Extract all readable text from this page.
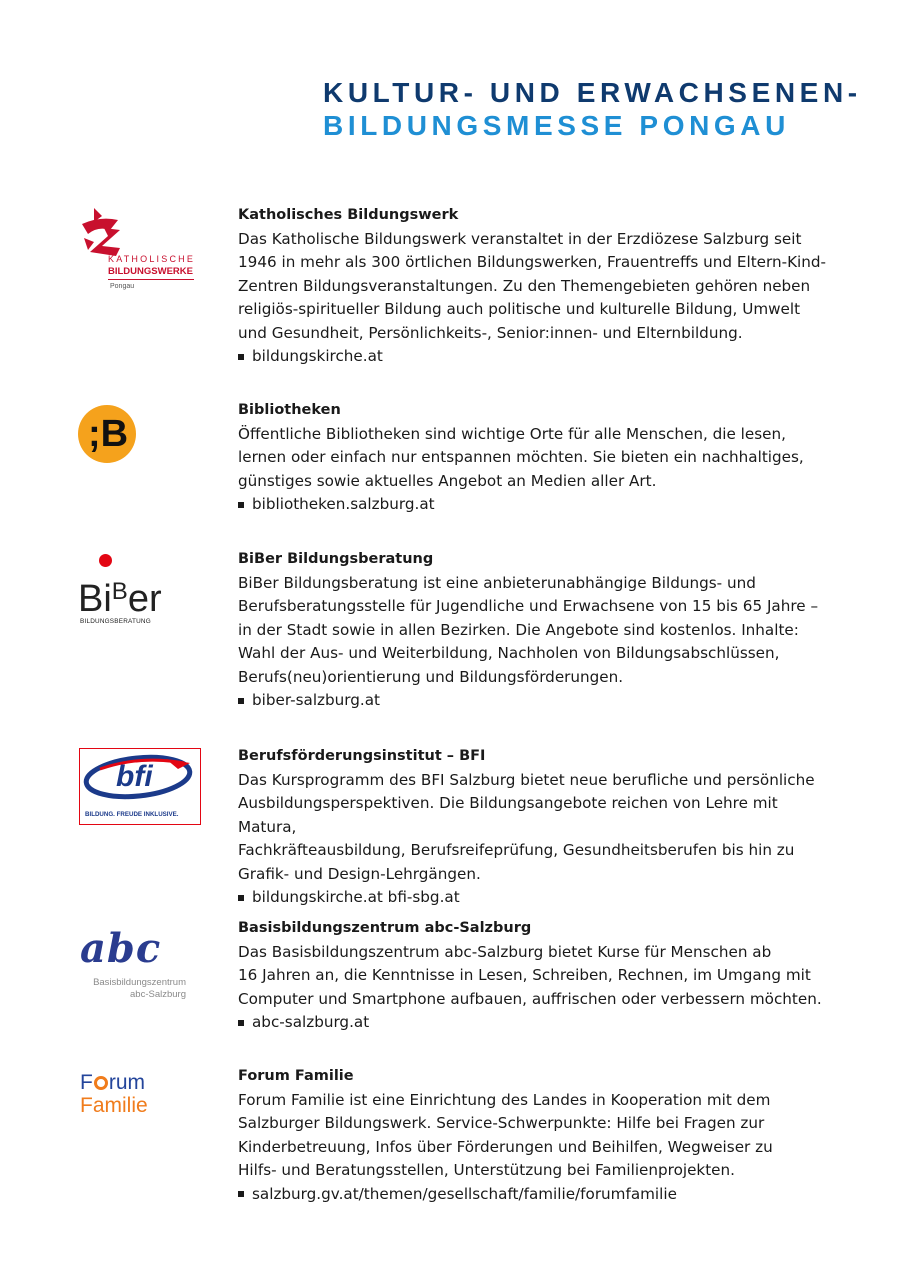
KULTUR- UND ERWACHSENEN-
BILDUNGSMESSE PONGAU
KATHOLISCHE
BILDUNGSWERKE
Pongau
Katholisches Bildungswerk
Das Katholische Bildungswerk veranstaltet in der Erzdiözese Salzburg seit
1946 in mehr als 300 örtlichen Bildungswerken, Frauentreffs und Eltern-Kind-
Zentren Bildungsveranstaltungen. Zu den Themengebieten gehören neben
religiös-spiritueller Bildung auch politische und kulturelle Bildung, Umwelt
und Gesundheit, Persönlichkeits-, Senior:innen- und Elternbildung.
bildungskirche.at
;B
Bibliotheken
Öffentliche Bibliotheken sind wichtige Orte für alle Menschen, die lesen,
lernen oder einfach nur entspannen möchten. Sie bieten ein nachhaltiges,
günstiges sowie aktuelles Angebot an Medien aller Art.
bibliotheken.salzburg.at
$Bi^Ber$
BILDUNGSBERATUNG
BiBer Bildungsberatung
BiBer Bildungsberatung ist eine anbieterunabhängige Bildungs- und
Berufsberatungsstelle für Jugendliche und Erwachsene von 15 bis 65 Jahre –
in der Stadt sowie in allen Bezirken. Die Angebote sind kostenlos. Inhalte:
Wahl der Aus- und Weiterbildung, Nachholen von Bildungsabschlüssen,
Berufs(neu)orientierung und Bildungsförderungen.
biber-salzburg.at
bfi
BILDUNG. FREUDE INKLUSIVE.
Berufsförderungsinstitut – BFI
Das Kursprogramm des BFI Salzburg bietet neue berufliche und persönliche
Ausbildungsperspektiven. Die Bildungsangebote reichen von Lehre mit Matura,
Fachkräfteausbildung, Berufsreifeprüfung, Gesundheitsberufen bis hin zu
Grafik- und Design-Lehrgängen.
bildungskirche.at bfi-sbg.at
abc
Basisbildungszentrum
abc-Salzburg
Basisbildungszentrum abc-Salzburg
Das Basisbildungszentrum abc-Salzburg bietet Kurse für Menschen ab
16 Jahren an, die Kenntnisse in Lesen, Schreiben, Rechnen, im Umgang mit
Computer und Smartphone aufbauen, auffrischen oder verbessern möchten.
abc-salzburg.at
F rum
Familie
Forum Familie
Forum Familie ist eine Einrichtung des Landes in Kooperation mit dem
Salzburger Bildungswerk. Service-Schwerpunkte: Hilfe bei Fragen zur
Kinderbetreuung, Infos über Förderungen und Beihilfen, Wegweiser zu
Hilfs- und Beratungsstellen, Unterstützung bei Familienprojekten.
salzburg.gv.at/themen/gesellschaft/familie/forumfamilie
